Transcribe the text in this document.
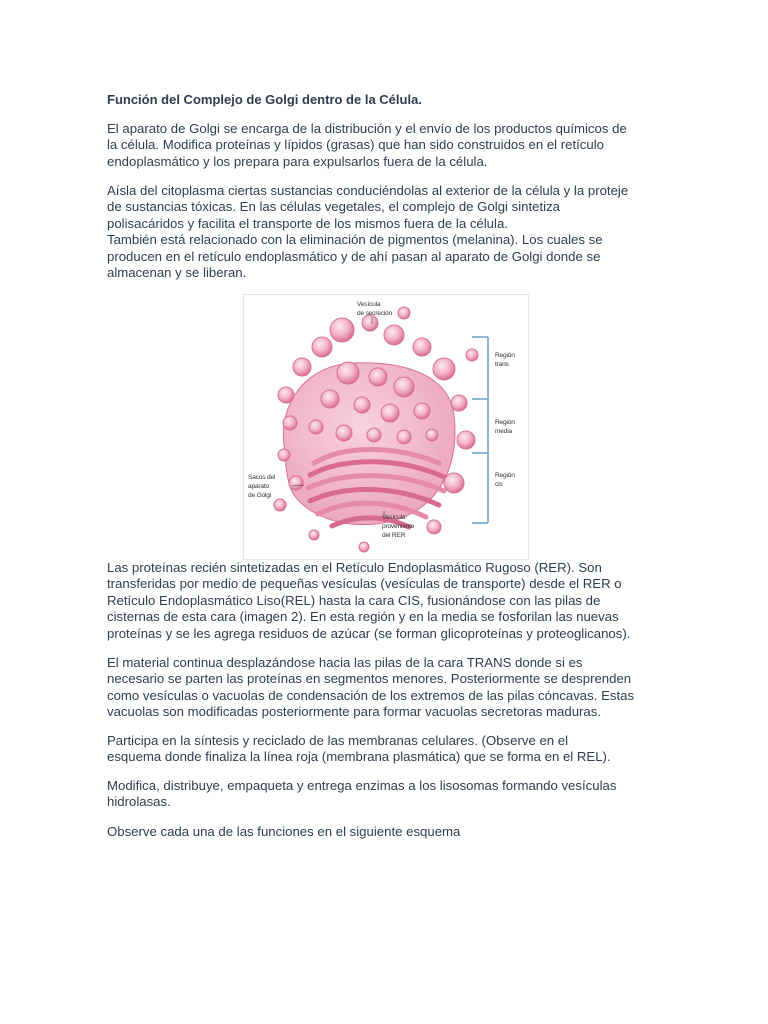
Función del Complejo de Golgi dentro de la Célula.

El aparato de Golgi se encarga de la distribución y el envío de los productos químicos de
la célula. Modifica proteínas y lípidos (grasas) que han sido construidos en el retículo
endoplasmático y los prepara para expulsarlos fuera de la célula.

Aísla del citoplasma ciertas sustancias conduciéndolas al exterior de la célula y la proteje
de sustancias tóxicas. En las células vegetales, el complejo de Golgi sintetiza
polisacáridos y facilita el transporte de los mismos fuera de la célula.
También está relacionado con la eliminación de pigmentos (melanina). Los cuales se
producen en el retículo endoplasmático y de ahí pasan al aparato de Golgi donde se
almacenan y se liberan.

Las proteínas recién sintetizadas en el Retículo Endoplasmático Rugoso (RER). Son
transferidas por medio de pequeñas vesículas (vesículas de transporte) desde el RER o
Retículo Endoplasmático Liso(REL) hasta la cara CIS, fusionándose con las pilas de
cisternas de esta cara (imagen 2). En esta región y en la media se fosforilan las nuevas
proteínas y se les agrega residuos de azúcar (se forman glicoproteínas y proteoglicanos).

El material continua desplazándose hacia las pilas de la cara TRANS donde si es
necesario se parten las proteínas en segmentos menores. Posteriormente se desprenden
como vesículas o vacuolas de condensación de los extremos de las pilas cóncavas. Estas
vacuolas son modificadas posteriormente para formar vacuolas secretoras maduras.

Participa en la síntesis y reciclado de las membranas celulares. (Observe en el
esquema donde finaliza la línea roja (membrana plasmática) que se forma en el REL).

Modifica, distribuye, empaqueta y entrega enzimas a los lisosomas formando vesículas
hidrolasas.

Observe cada una de las funciones en el siguiente esquema

Vesícula
de secreción
Región
trans
Región
media
Región
cis
Sacos del
aparato
de Golgi
Vesícula
proveniente
del RER
